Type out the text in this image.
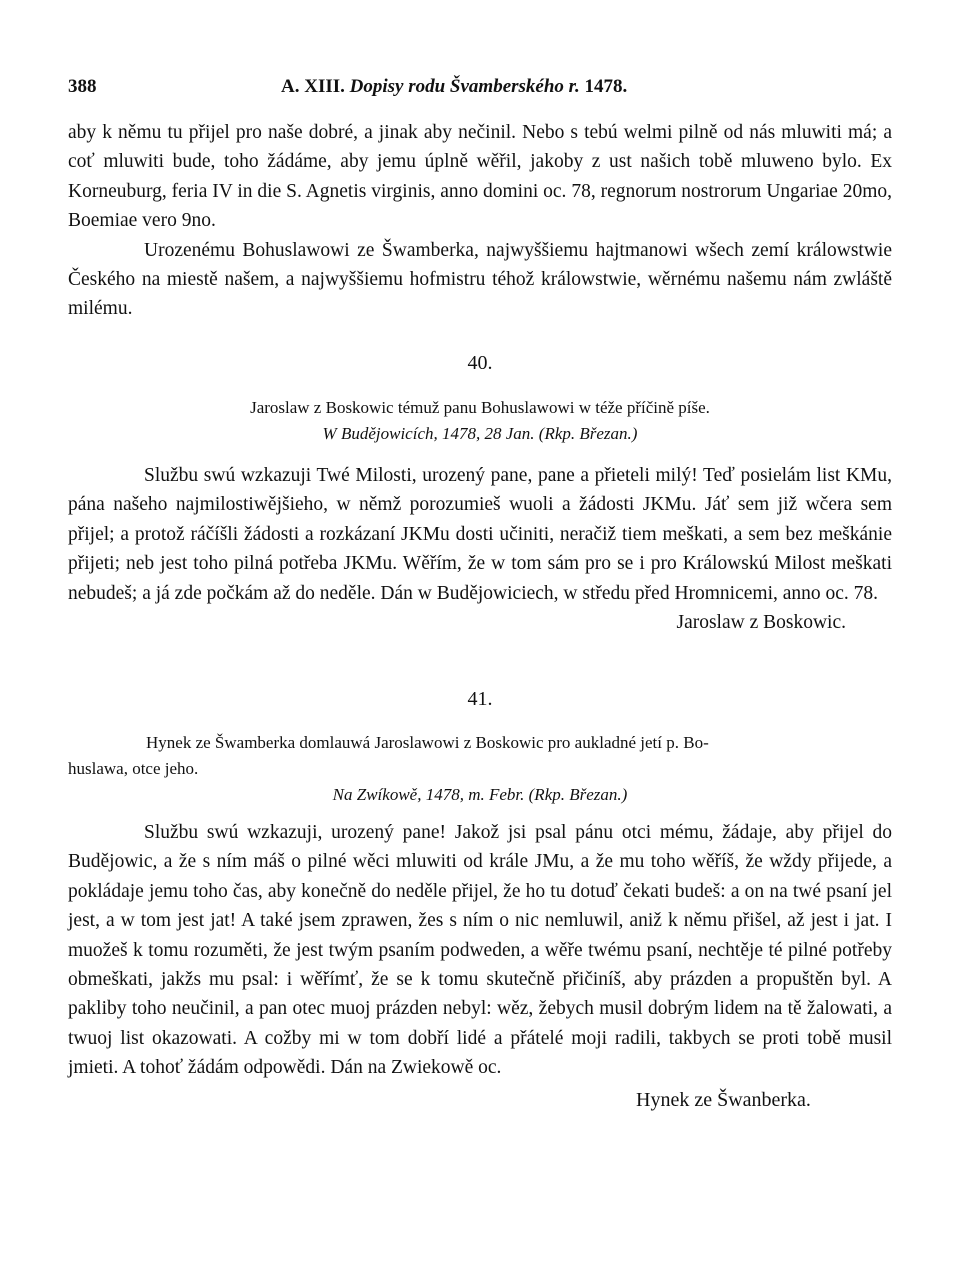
388	A. XIII. Dopisy rodu Švamberského r. 1478.

aby k němu tu přijel pro naše dobré, a jinak aby nečinil. Nebo s tebú welmi pilně od nás mluwiti má; a coť mluwiti bude, toho žádáme, aby jemu úplně wěřil, jakoby z ust našich tobě mluweno bylo. Ex Korneuburg, feria IV in die S. Agnetis virginis, anno domini oc. 78, regnorum nostrorum Ungariae 20mo, Boemiae vero 9no.

Urozenému Bohuslawowi ze Šwamberka, najwyššiemu hajtmanowi wšech zemí králowstwie Českého na miestě našem, a najwyššiemu hofmistru téhož králowstwie, wěrnému našemu nám zwláště milému.

40.
Jaroslaw z Boskowic témuž panu Bohuslawowi w téže příčině píše.
W Budějowicích, 1478, 28 Jan. (Rkp. Březan.)

Službu swú wzkazuji Twé Milosti, urozený pane, pane a přieteli milý! Teď posielám list KMu, pána našeho najmilostiwějšieho, w němž porozumieš wuoli a žádosti JKMu. Jáť sem již wčera sem přijel; a protož ráčíšli žádosti a rozkázaní JKMu dosti učiniti, neračiž tiem meškati, a sem bez meškánie přijeti; neb jest toho pilná potřeba JKMu. Wěřím, že w tom sám pro se i pro Králowskú Milost meškati nebudeš; a já zde počkám až do neděle. Dán w Budějowiciech, w středu před Hromnicemi, anno oc. 78.

Jaroslaw z Boskowic.

41.
Hynek ze Šwamberka domlauwá Jaroslawowi z Boskowic pro aukladné jetí p. Bo-
huslawa, otce jeho.
Na Zwíkowě, 1478, m. Febr. (Rkp. Březan.)

Službu swú wzkazuji, urozený pane! Jakož jsi psal pánu otci mému, žádaje, aby přijel do Budějowic, a že s ním máš o pilné wěci mluwiti od krále JMu, a že mu toho wěříš, že wždy přijede, a pokládaje jemu toho čas, aby konečně do neděle přijel, že ho tu dotuď čekati budeš: a on na twé psaní jel jest, a w tom jest jat! A také jsem zprawen, žes s ním o nic nemluwil, aniž k němu přišel, až jest i jat. I muožeš k tomu rozuměti, že jest twým psaním podweden, a wěře twému psaní, nechtěje té pilné potřeby obmeškati, jakžs mu psal: i wěřímť, že se k tomu skutečně přičiníš, aby prázden a propuštěn byl. A pakliby toho neučinil, a pan otec muoj prázden nebyl: wěz, žebych musil dobrým lidem na tě žalowati, a twuoj list okazowati. A cožby mi w tom dobří lidé a přátelé moji radili, takbych se proti tobě musil jmieti. A tohoť žádám odpowědi. Dán na Zwiekowě oc.

Hynek ze Šwanberka.
